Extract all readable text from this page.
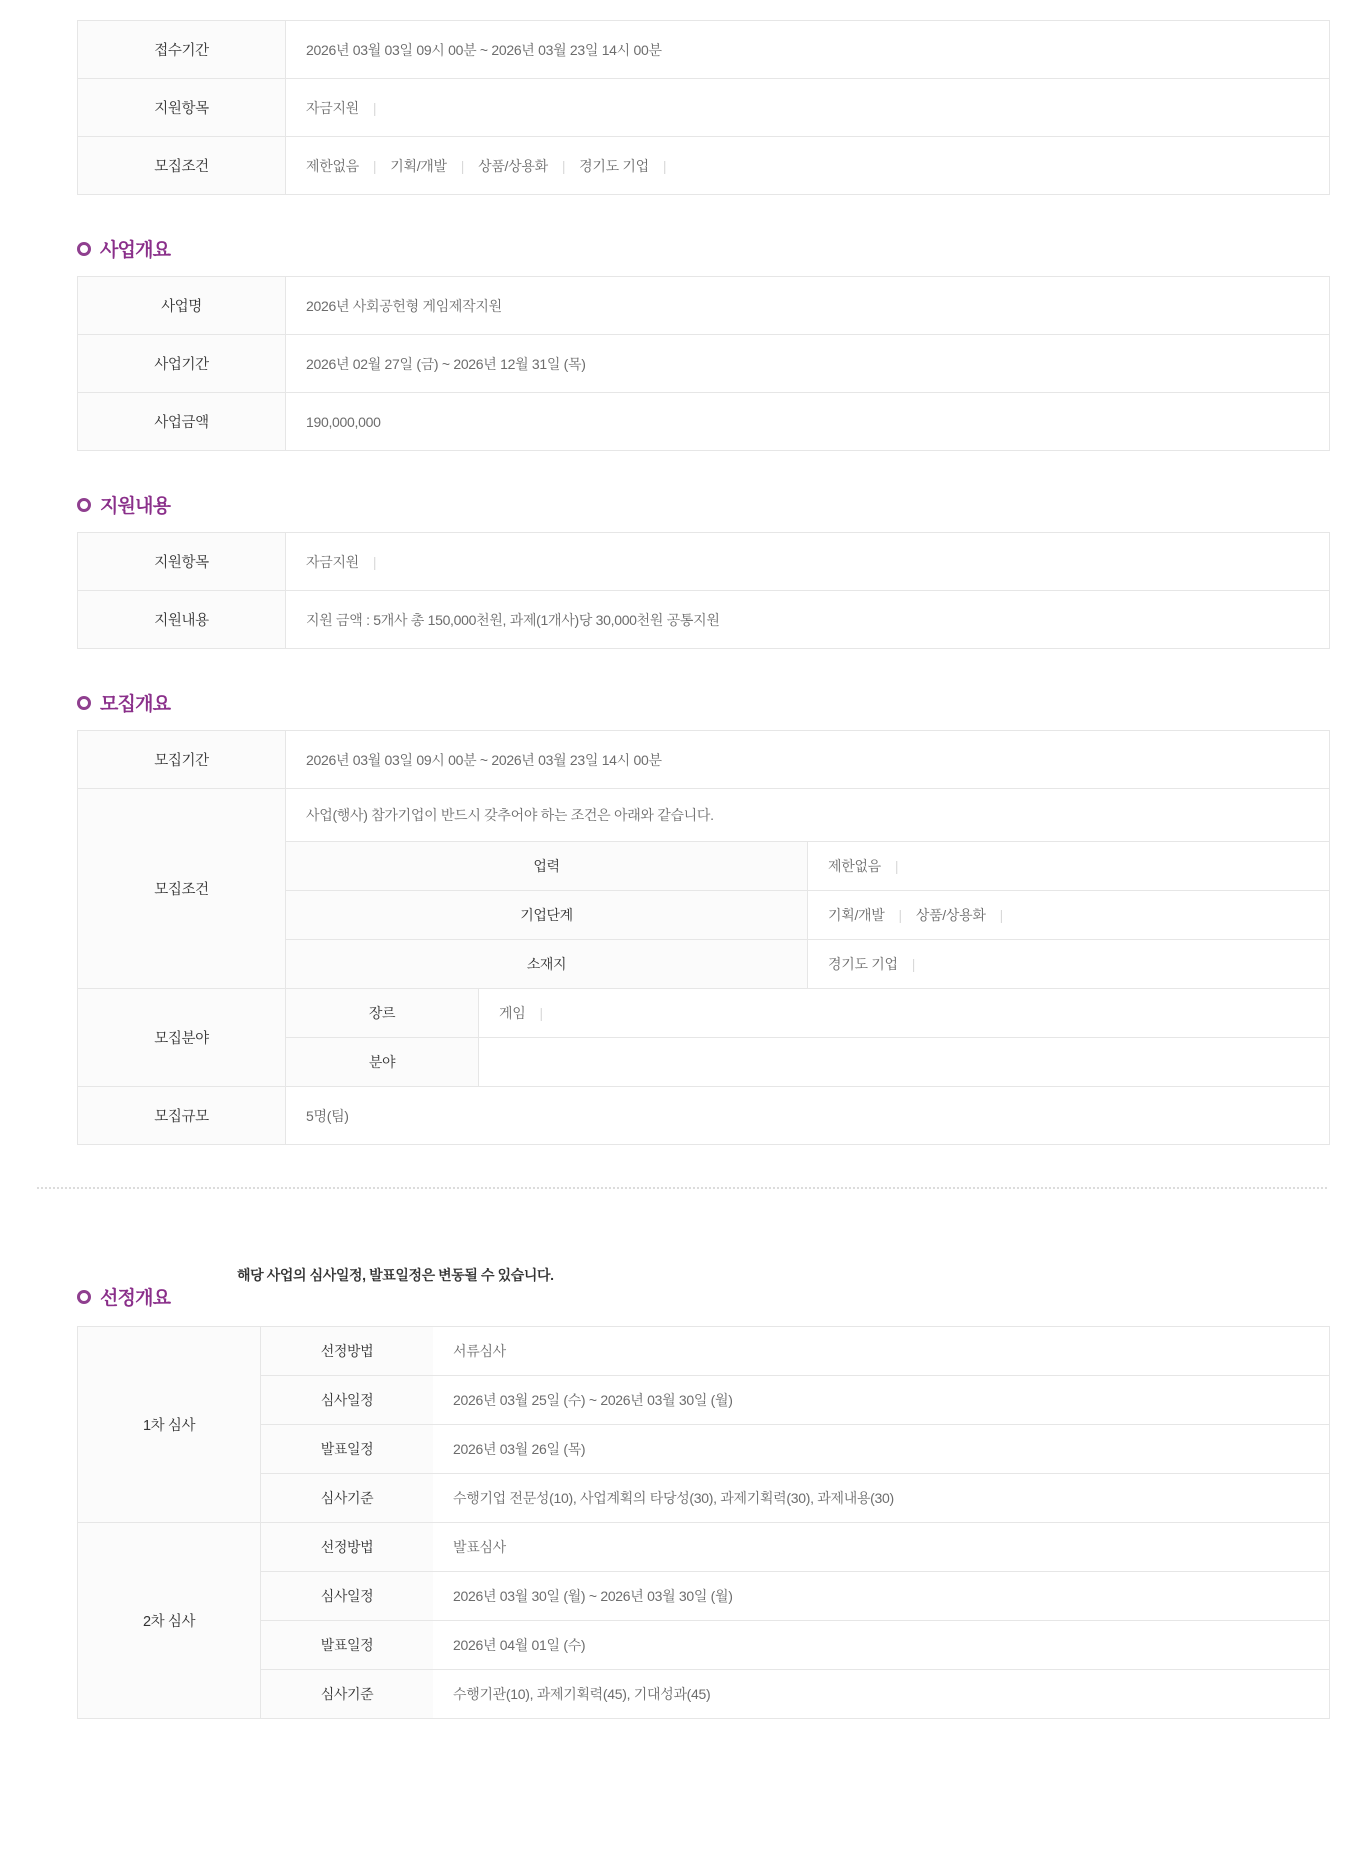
접수기간	2026년 03월 03일 09시 00분 ~ 2026년 03월 23일 14시 00분
지원항목	자금지원 |
모집조건	제한없음 | 기획/개발 | 상품/상용화 | 경기도 기업 |
사업개요
사업명	2026년 사회공헌형 게임제작지원
사업기간	2026년 02월 27일 (금) ~ 2026년 12월 31일 (목)
사업금액	190,000,000
지원내용
지원항목	자금지원 |
지원내용	지원 금액 : 5개사 총 150,000천원, 과제(1개사)당 30,000천원 공통지원
모집개요
모집기간	2026년 03월 03일 09시 00분 ~ 2026년 03월 23일 14시 00분
모집조건	
사업(행사) 참가기업이 반드시 갖추어야 하는 조건은 아래와 같습니다.
업력	제한없음 |
기업단계	기획/개발 | 상품/상용화 |
소재지	경기도 기업 |

모집분야	
장르	게임 |
분야	

모집규모	5명(팀)
선정개요
해당 사업의 심사일정, 발표일정은 변동될 수 있습니다.
1차 심사	
선정방법	서류심사
심사일정	2026년 03월 25일 (수) ~ 2026년 03월 30일 (월)
발표일정	2026년 03월 26일 (목)
심사기준	수행기업 전문성(10), 사업계획의 타당성(30), 과제기획력(30), 과제내용(30)

2차 심사	
선정방법	발표심사
심사일정	2026년 03월 30일 (월) ~ 2026년 03월 30일 (월)
발표일정	2026년 04월 01일 (수)
심사기준	수행기관(10), 과제기획력(45), 기대성과(45)
